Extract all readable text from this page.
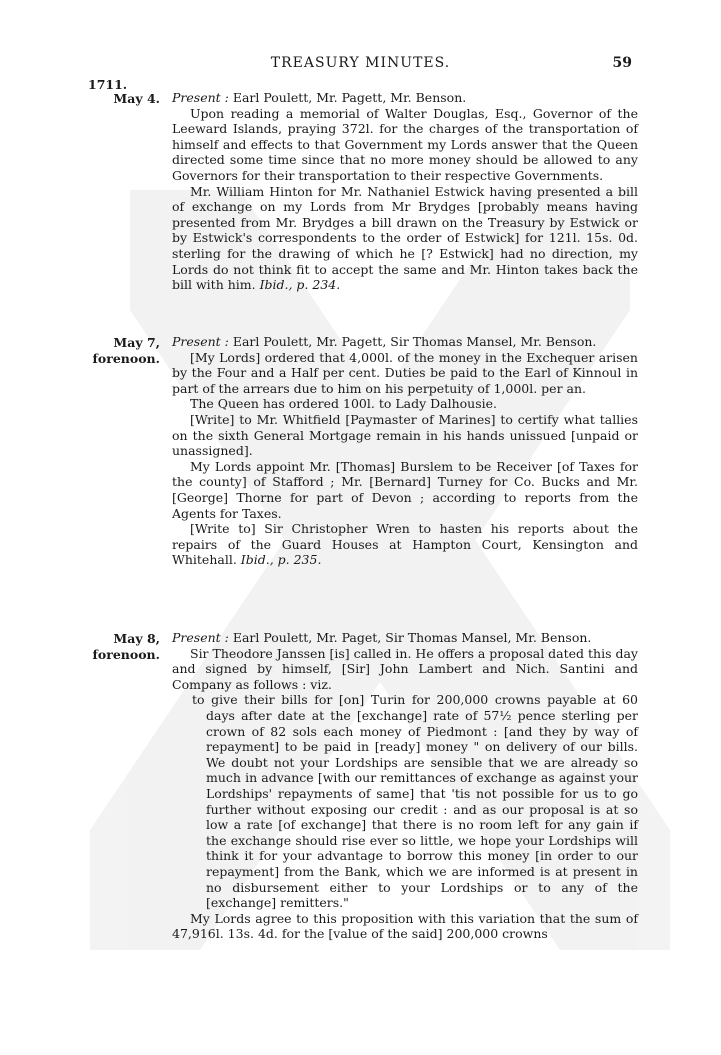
TREASURY MINUTES.	59
1711.
May 4. Present : Earl Poulett, Mr. Pagett, Mr. Benson.

Upon reading a memorial of Walter Douglas, Esq., Governor of the Leeward Islands, praying 372l. for the charges of the transportation of himself and effects to that Government my Lords answer that the Queen directed some time since that no more money should be allowed to any Governors for their transportation to their respective Governments.

Mr. William Hinton for Mr. Nathaniel Estwick having presented a bill of exchange on my Lords from Mr Brydges [probably means having presented from Mr. Brydges a bill drawn on the Treasury by Estwick or by Estwick's correspondents to the order of Estwick] for 121l. 15s. 0d. sterling for the drawing of which he [? Estwick] had no direction, my Lords do not think fit to accept the same and Mr. Hinton takes back the bill with him. Ibid., p. 234.

May 7,
forenoon.

Present : Earl Poulett, Mr. Pagett, Sir Thomas Mansel, Mr. Benson.

[My Lords] ordered that 4,000l. of the money in the Exchequer arisen by the Four and a Half per cent. Duties be paid to the Earl of Kinnoul in part of the arrears due to him on his perpetuity of 1,000l. per an.

The Queen has ordered 100l. to Lady Dalhousie.

[Write] to Mr. Whitfield [Paymaster of Marines] to certify what tallies on the sixth General Mortgage remain in his hands unissued [unpaid or unassigned].

My Lords appoint Mr. [Thomas] Burslem to be Receiver [of Taxes for the county] of Stafford ; Mr. [Bernard] Turney for Co. Bucks and Mr. [George] Thorne for part of Devon ; according to reports from the Agents for Taxes.

[Write to] Sir Christopher Wren to hasten his reports about the repairs of the Guard Houses at Hampton Court, Kensington and Whitehall. Ibid., p. 235.

May 8,
forenoon.

Present : Earl Poulett, Mr. Paget, Sir Thomas Mansel, Mr. Benson.

Sir Theodore Janssen [is] called in. He offers a proposal dated this day and signed by himself, [Sir] John Lambert and Nich. Santini and Company as follows : viz.

to give their bills for [on] Turin for 200,000 crowns payable at 60 days after date at the [exchange] rate of 57½ pence sterling per crown of 82 sols each money of Piedmont : [and they by way of repayment] to be paid in [ready] money " on delivery of our bills. We doubt not your Lordships are sensible that we are already so much in advance [with our remittances of exchange as against your Lordships' repayments of same] that 'tis not possible for us to go further without exposing our credit : and as our proposal is at so low a rate [of exchange] that there is no room left for any gain if the exchange should rise ever so little, we hope your Lordships will think it for your advantage to borrow this money [in order to our repayment] from the Bank, which we are informed is at present in no disbursement either to your Lordships or to any of the [exchange] remitters."

My Lords agree to this proposition with this variation that the sum of 47,916l. 13s. 4d. for the [value of the said] 200,000 crowns
